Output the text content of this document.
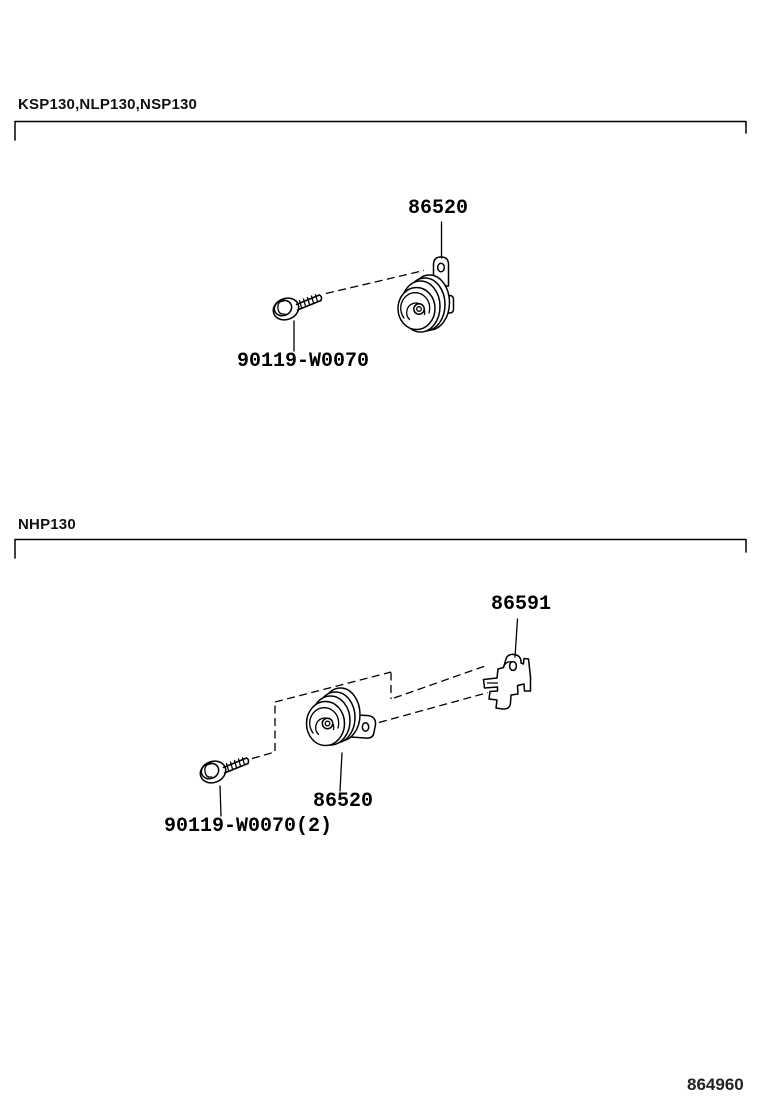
KSP130,NLP130,NSP130
86520
90119-W0070
NHP130
86591
86520
90119-W0070(2)
864960
